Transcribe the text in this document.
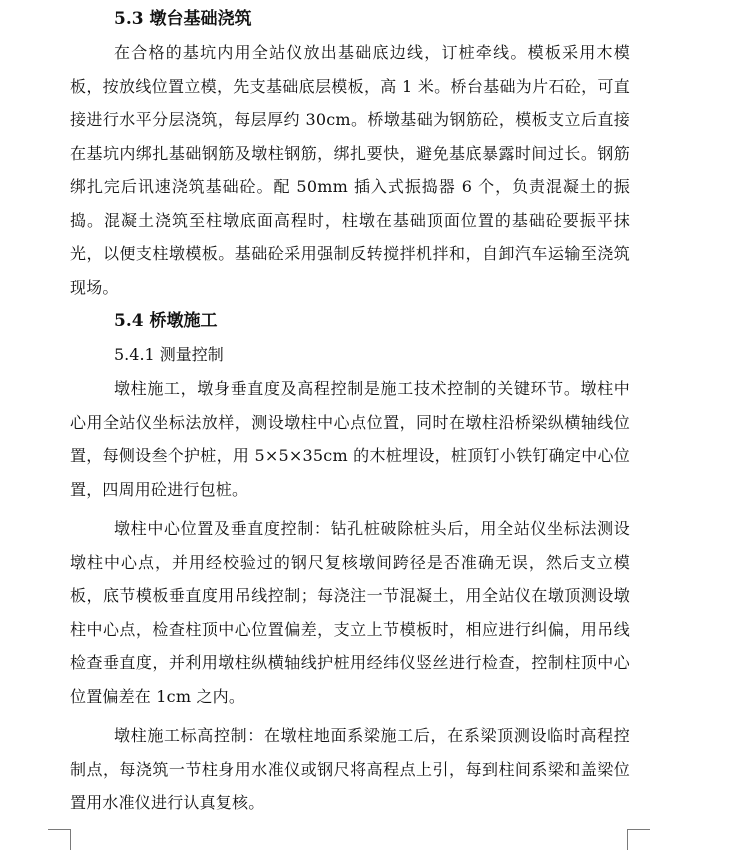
5.3 墩台基础浇筑

在合格的基坑内用全站仪放出基础底边线，订桩牵线。模板采用木模板，按放线位置立模，先支基础底层模板，高 1 米。桥台基础为片石砼，可直接进行水平分层浇筑，每层厚约 30cm。桥墩基础为钢筋砼，模板支立后直接在基坑内绑扎基础钢筋及墩柱钢筋，绑扎要快，避免基底暴露时间过长。钢筋绑扎完后讯速浇筑基础砼。配 50mm 插入式振捣器 6 个，负责混凝土的振捣。混凝土浇筑至柱墩底面高程时，柱墩在基础顶面位置的基础砼要振平抹光，以便支柱墩模板。基础砼采用强制反转搅拌机拌和，自卸汽车运输至浇筑现场。

5.4 桥墩施工
5.4.1 测量控制

墩柱施工，墩身垂直度及高程控制是施工技术控制的关键环节。墩柱中心用全站仪坐标法放样，测设墩柱中心点位置，同时在墩柱沿桥梁纵横轴线位置，每侧设叁个护桩，用 5×5×35cm 的木桩埋设，桩顶钉小铁钉确定中心位置，四周用砼进行包桩。

墩柱中心位置及垂直度控制：钻孔桩破除桩头后，用全站仪坐标法测设墩柱中心点，并用经校验过的钢尺复核墩间跨径是否准确无误，然后支立模板，底节模板垂直度用吊线控制；每浇注一节混凝土，用全站仪在墩顶测设墩柱中心点，检查柱顶中心位置偏差，支立上节模板时，相应进行纠偏，用吊线检查垂直度，并利用墩柱纵横轴线护桩用经纬仪竖丝进行检查，控制柱顶中心位置偏差在 1cm 之内。

墩柱施工标高控制：在墩柱地面系梁施工后，在系梁顶测设临时高程控制点，每浇筑一节柱身用水准仪或钢尺将高程点上引，每到柱间系梁和盖梁位置用水准仪进行认真复核。
